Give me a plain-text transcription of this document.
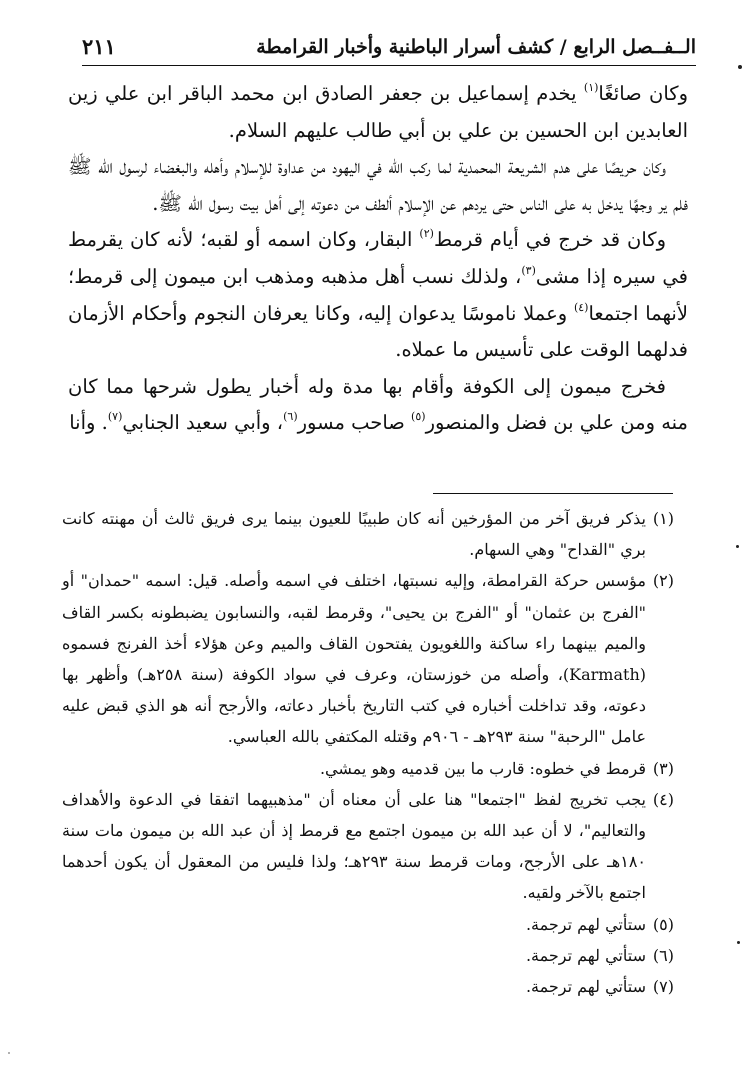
الــفــصل الرابع / كشف أسرار الباطنية وأخبار القرامطة
٢١١

وكان صائغًا$^{(١)}$ يخدم إسماعيل بن جعفر الصادق ابن محمد الباقر ابن علي زين العابدين ابن الحسين بن علي بن أبي طالب عليهم السلام.

وكان حريصًا على هدم الشريعة المحمدية لما ركب الله في اليهود من عداوة للإسلام وأهله والبغضاء لرسول الله ﷺ فلم ير وجهًا يدخل به على الناس حتى يردهم عن الإسلام ألطف من دعوته إلى أهل بيت رسول الله ﷺ.

وكان قد خرج في أيام قرمط$^{(٢)}$ البقار، وكان اسمه أو لقبه؛ لأنه كان يقرمط في سيره إذا مشى$^{(٣)}$، ولذلك نسب أهل مذهبه ومذهب ابن ميمون إلى قرمط؛ لأنهما اجتمعا$^{(٤)}$ وعملا ناموسًا يدعوان إليه، وكانا يعرفان النجوم وأحكام الأزمان فدلهما الوقت على تأسيس ما عملاه.

فخرج ميمون إلى الكوفة وأقام بها مدة وله أخبار يطول شرحها مما كان منه ومن علي بن فضل والمنصور$^{(٥)}$ صاحب مسور$^{(٦)}$، وأبي سعيد الجنابي$^{(٧)}$. وأنا

(١)
يذكر فريق آخر من المؤرخين أنه كان طبيبًا للعيون بينما يرى فريق ثالث أن مهنته كانت بري "القداح" وهي السهام.
(٢)
مؤسس حركة القرامطة، وإليه نسبتها، اختلف في اسمه وأصله. قيل: اسمه "حمدان" أو "الفرج بن عثمان" أو "الفرج بن يحيى"، وقرمط لقبه، والنسابون يضبطونه بكسر القاف والميم بينهما راء ساكنة واللغويون يفتحون القاف والميم وعن هؤلاء أخذ الفرنج فسموه (Karmath)، وأصله من خوزستان، وعرف في سواد الكوفة (سنة ٢٥٨هـ) وأظهر بها دعوته، وقد تداخلت أخباره في كتب التاريخ بأخبار دعاته، والأرجح أنه هو الذي قبض عليه عامل "الرحبة" سنة ٢٩٣هـ - ٩٠٦م وقتله المكتفي بالله العباسي.
(٣)
قرمط في خطوه: قارب ما بين قدميه وهو يمشي.
(٤)
يجب تخريج لفظ "اجتمعا" هنا على أن معناه أن "مذهبيهما اتفقا في الدعوة والأهداف والتعاليم"، لا أن عبد الله بن ميمون اجتمع مع قرمط إذ أن عبد الله بن ميمون مات سنة ١٨٠هـ على الأرجح، ومات قرمط سنة ٢٩٣هـ؛ ولذا فليس من المعقول أن يكون أحدهما اجتمع بالآخر ولقيه.
(٥)
ستأتي لهم ترجمة.
(٦)
ستأتي لهم ترجمة.
(٧)
ستأتي لهم ترجمة.
